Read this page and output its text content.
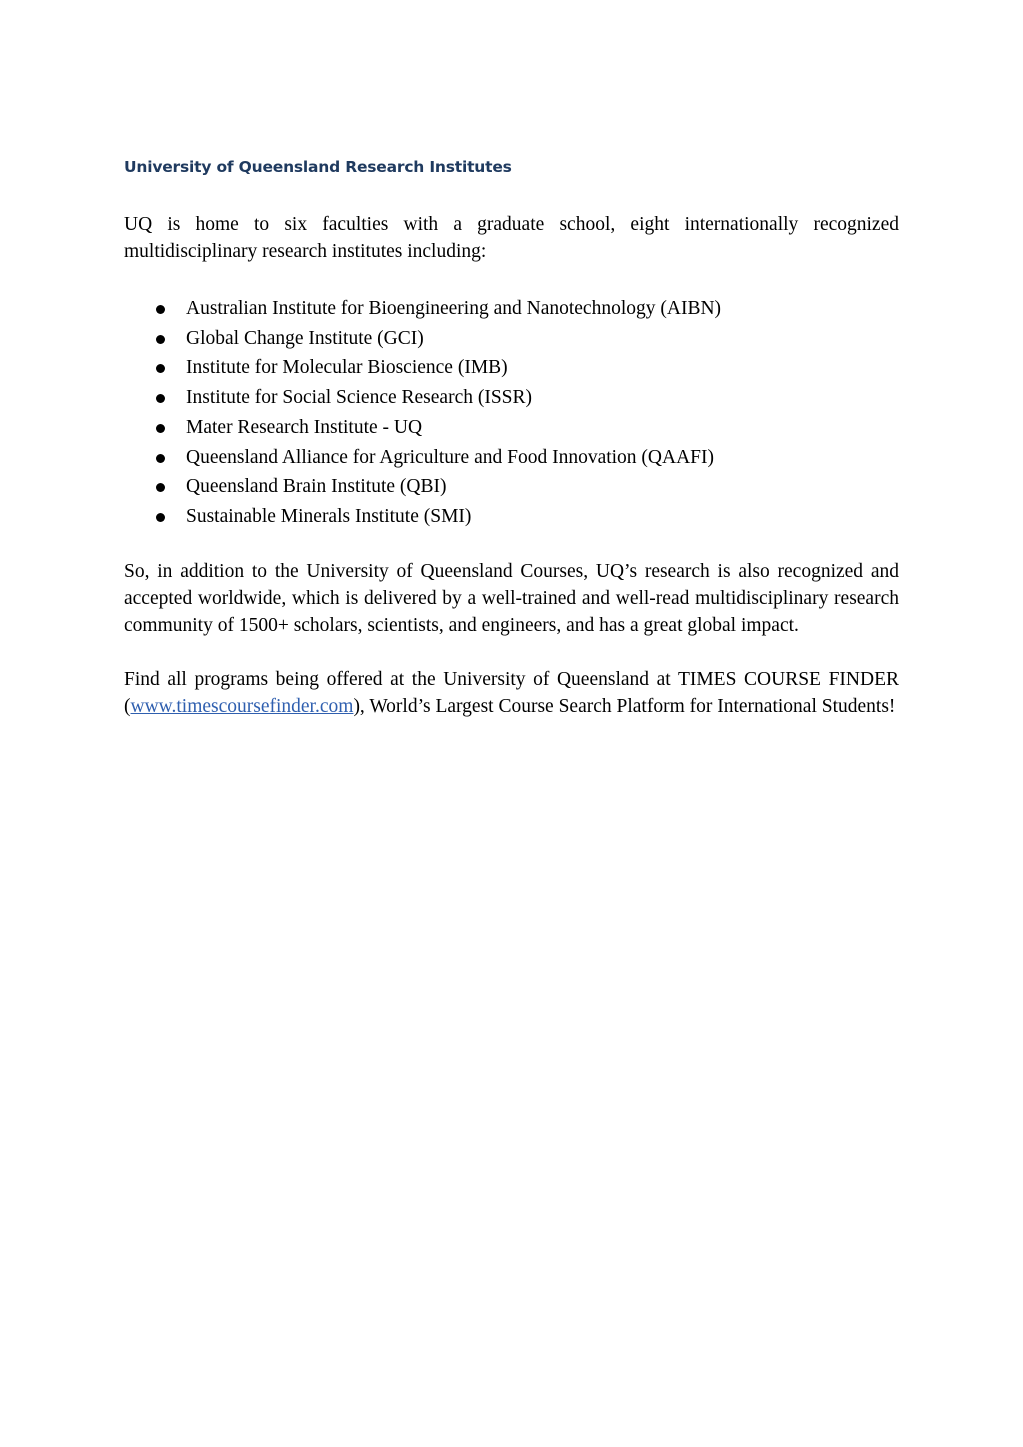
University of Queensland Research Institutes

UQ is home to six faculties with a graduate school, eight internationally recognized multidisciplinary research institutes including:

Australian Institute for Bioengineering and Nanotechnology (AIBN)
Global Change Institute (GCI)
Institute for Molecular Bioscience (IMB)
Institute for Social Science Research (ISSR)
Mater Research Institute - UQ
Queensland Alliance for Agriculture and Food Innovation (QAAFI)
Queensland Brain Institute (QBI)
Sustainable Minerals Institute (SMI)

So, in addition to the University of Queensland Courses, UQ’s research is also recognized and accepted worldwide, which is delivered by a well-trained and well-read multidisciplinary research community of 1500+ scholars, scientists, and engineers, and has a great global impact.

Find all programs being offered at the University of Queensland at TIMES COURSE FINDER (www.timescoursefinder.com), World’s Largest Course Search Platform for International Students!
